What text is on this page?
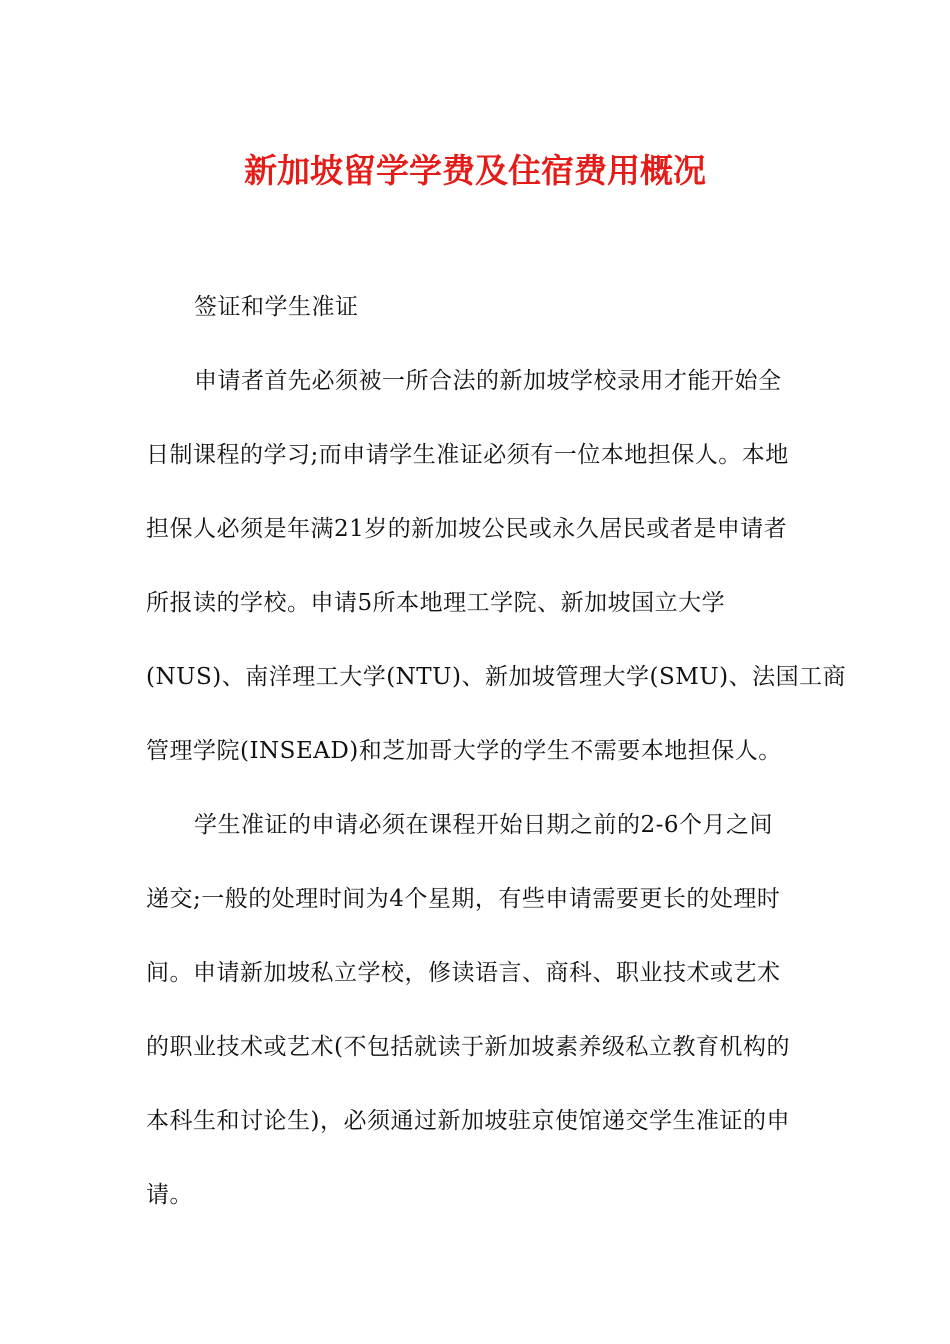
新加坡留学学费及住宿费用概况
签证和学生准证
申请者首先必须被一所合法的新加坡学校录用才能开始全
日制课程的学习;而申请学生准证必须有一位本地担保人。本地
担保人必须是年满21岁的新加坡公民或永久居民或者是申请者
所报读的学校。申请5所本地理工学院、新加坡国立大学
(NUS)、南洋理工大学(NTU)、新加坡管理大学(SMU)、法国工商
管理学院(INSEAD)和芝加哥大学的学生不需要本地担保人。
学生准证的申请必须在课程开始日期之前的2-6个月之间
递交;一般的处理时间为4个星期，有些申请需要更长的处理时
间。申请新加坡私立学校，修读语言、商科、职业技术或艺术
的职业技术或艺术(不包括就读于新加坡素养级私立教育机构的
本科生和讨论生)，必须通过新加坡驻京使馆递交学生准证的申
请。
